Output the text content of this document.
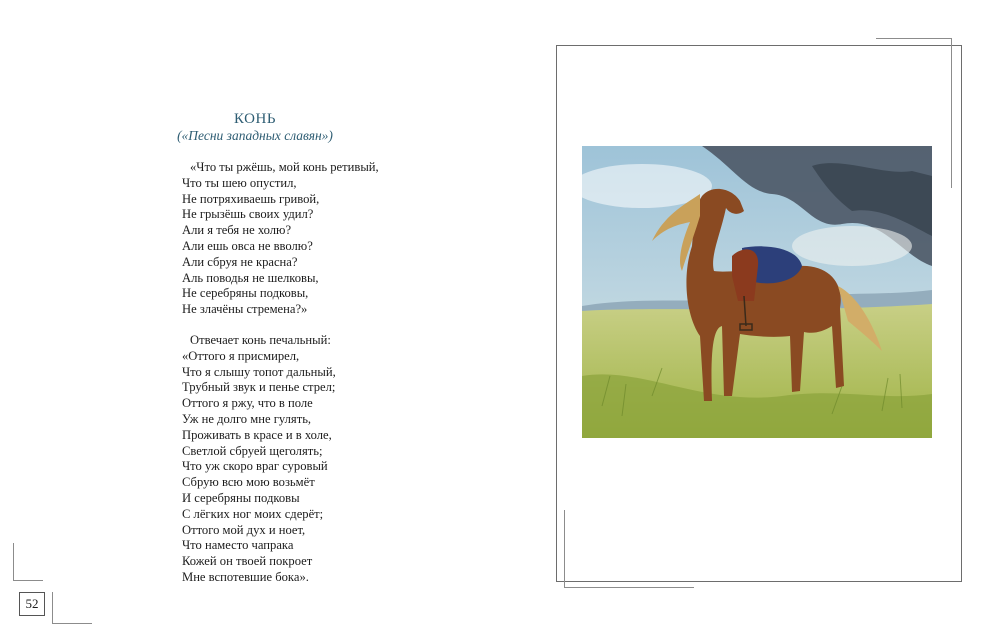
КОНЬ
(«Песни западных славян»)
«Что ты ржёшь, мой конь ретивый,
Что ты шею опустил,
Не потряхиваешь гривой,
Не грызёшь своих удил?
Али я тебя не холю?
Али ешь овса не вволю?
Али сбруя не красна?
Аль поводья не шелковы,
Не серебряны подковы,
Не злачёны стремена?»
Отвечает конь печальный:
«Оттого я присмирел,
Что я слышу топот дальный,
Трубный звук и пенье стрел;
Оттого я ржу, что в поле
Уж не долго мне гулять,
Проживать в красе и в холе,
Светлой сбруей щеголять;
Что уж скоро враг суровый
Сбрую всю мою возьмёт
И серебряны подковы
С лёгких ног моих сдерёт;
Оттого мой дух и ноет,
Что наместо чапрака
Кожей он твоей покроет
Мне вспотевшие бока».
52
